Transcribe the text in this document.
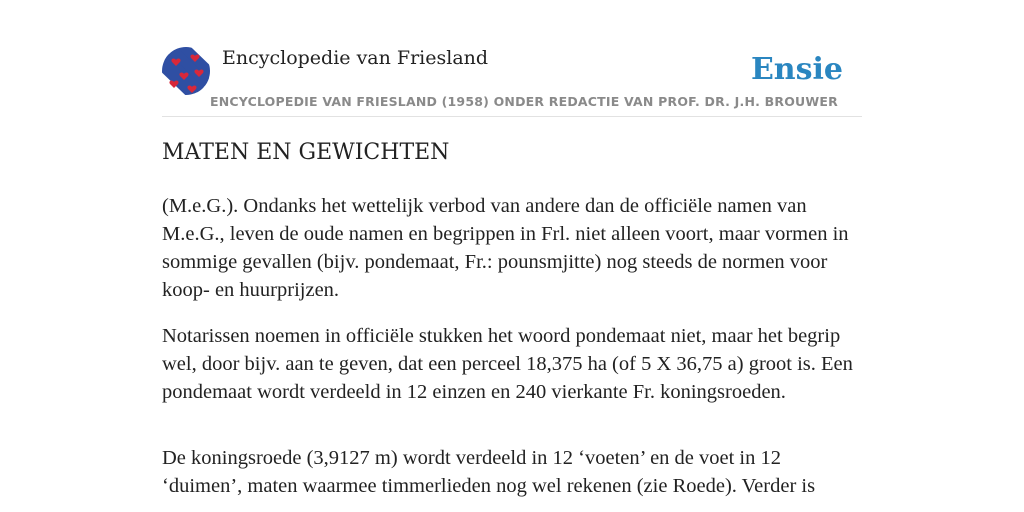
Encyclopedie van Friesland
ENCYCLOPEDIE VAN FRIESLAND (1958) ONDER REDACTIE VAN PROF. DR. J.H. BROUWER
Ensie
MATEN EN GEWICHTEN

(M.e.G.). Ondanks het wettelijk verbod van andere dan de officiële namen van M.e.G., leven de oude namen en begrippen in Frl. niet alleen voort, maar vormen in sommige gevallen (bijv. pondemaat, Fr.: pounsmjitte) nog steeds de normen voor koop- en huurprijzen.

Notarissen noemen in officiële stukken het woord pondemaat niet, maar het begrip wel, door bijv. aan te geven, dat een perceel 18,375 ha (of 5 X 36,75 a) groot is. Een pondemaat wordt verdeeld in 12 einzen en 240 vierkante Fr. koningsroeden.

De koningsroede (3,9127 m) wordt verdeeld in 12 ‘voeten’ en de voet in 12 ‘duimen’, maten waarmee timmerlieden nog wel rekenen (zie Roede). Verder is
